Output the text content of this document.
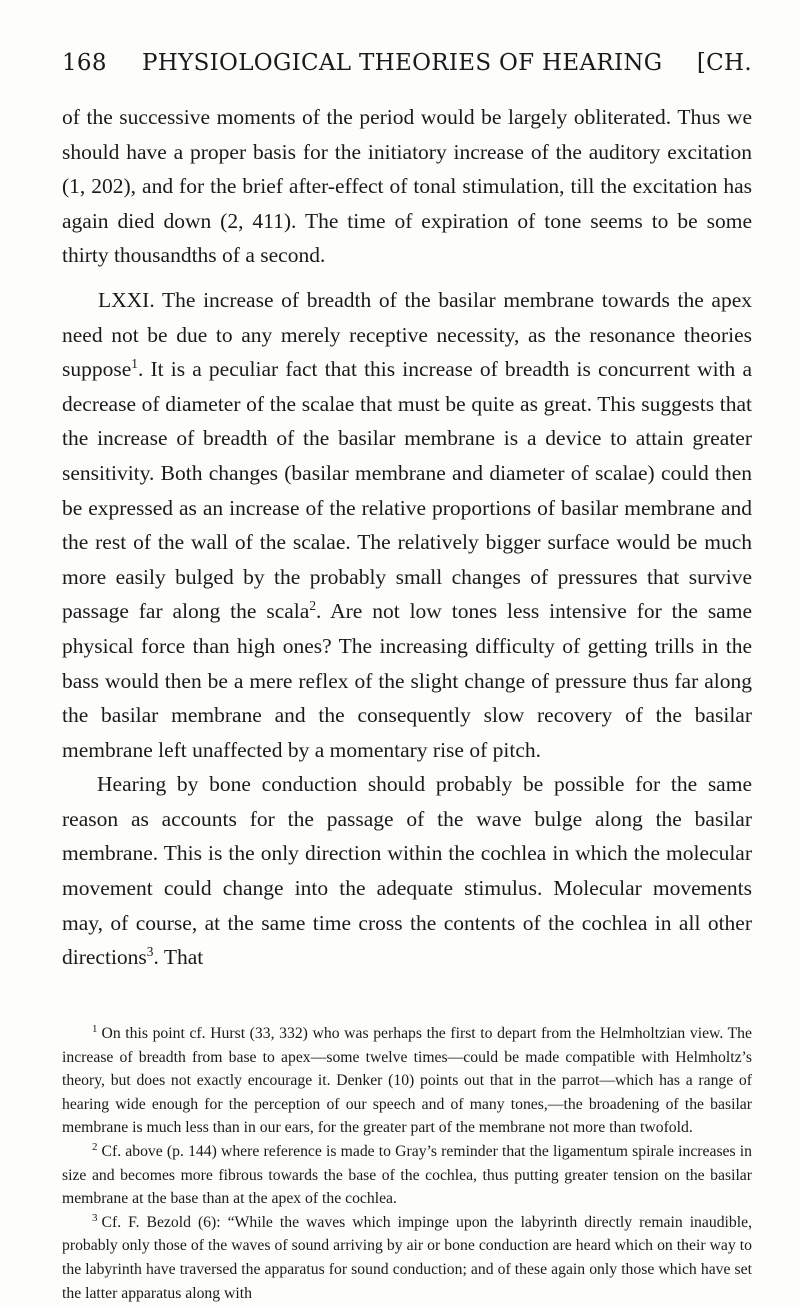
168 PHYSIOLOGICAL THEORIES OF HEARING [CH.

of the successive moments of the period would be largely obliterated. Thus we should have a proper basis for the initiatory increase of the auditory excitation (1, 202), and for the brief after-effect of tonal stimulation, till the excitation has again died down (2, 411). The time of expiration of tone seems to be some thirty thousandths of a second.

LXXI. The increase of breadth of the basilar membrane towards the apex need not be due to any merely receptive necessity, as the resonance theories suppose$^1$. It is a peculiar fact that this increase of breadth is concurrent with a decrease of diameter of the scalae that must be quite as great. This suggests that the increase of breadth of the basilar membrane is a device to attain greater sensitivity. Both changes (basilar membrane and diameter of scalae) could then be expressed as an increase of the relative proportions of basilar membrane and the rest of the wall of the scalae. The relatively bigger surface would be much more easily bulged by the probably small changes of pressures that survive passage far along the scala$^2$. Are not low tones less intensive for the same physical force than high ones? The increasing difficulty of getting trills in the bass would then be a mere reflex of the slight change of pressure thus far along the basilar membrane and the consequently slow recovery of the basilar membrane left unaffected by a momentary rise of pitch.

Hearing by bone conduction should probably be possible for the same reason as accounts for the passage of the wave bulge along the basilar membrane. This is the only direction within the cochlea in which the molecular movement could change into the adequate stimulus. Molecular movements may, of course, at the same time cross the contents of the cochlea in all other directions$^3$. That

$^1$ On this point cf. Hurst (33, 332) who was perhaps the first to depart from the Helmholtzian view. The increase of breadth from base to apex—some twelve times—could be made compatible with Helmholtz’s theory, but does not exactly encourage it. Denker (10) points out that in the parrot—which has a range of hearing wide enough for the perception of our speech and of many tones,—the broadening of the basilar membrane is much less than in our ears, for the greater part of the membrane not more than twofold.

$^2$ Cf. above (p. 144) where reference is made to Gray’s reminder that the ligamentum spirale increases in size and becomes more fibrous towards the base of the cochlea, thus putting greater tension on the basilar membrane at the base than at the apex of the cochlea.

$^3$ Cf. F. Bezold (6): “While the waves which impinge upon the labyrinth directly remain inaudible, probably only those of the waves of sound arriving by air or bone conduction are heard which on their way to the labyrinth have traversed the apparatus for sound conduction; and of these again only those which have set the latter apparatus along with
